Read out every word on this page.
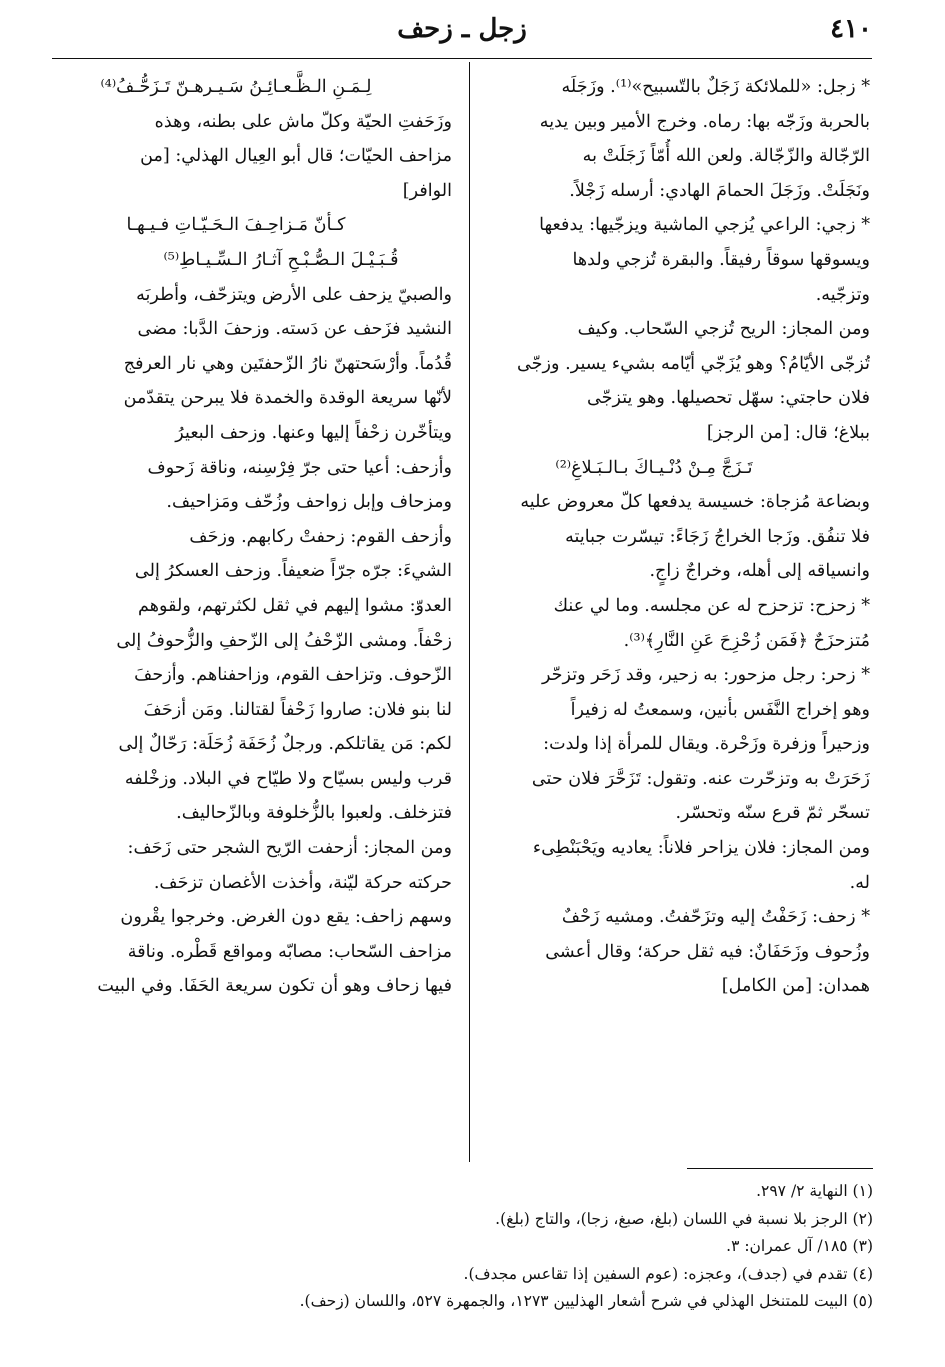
٤١٠
زجل ـ زحف
* زجل: «للملائكة زَجَلٌ بالتّسبيح»⁽¹⁾. وزَجَلَه
بالحربة وزَجّه بها: رماه. وخرج الأمير وبين يديه
الرّجّالة والزّجّالة. ولعن الله أُمّاً زَجَلَتْ به
ونَجَلَتْ. وزَجَلَ الحمامَ الهادي: أرسله زَجْلاً.
* زجي: الراعي يُزجي الماشية ويزجّيها: يدفعها
ويسوقها سوقاً رفيقاً. والبقرة تُزجي ولدها
وتزجّيه.
ومن المجاز: الريح تُزجي السّحاب. وكيف
تُزجّى الأيّامُ؟ وهو يُزَجّي أيّامه بشيء يسير. وزجّى
فلان حاجتي: سهّل تحصيلها. وهو يتزجّى
ببلاغ؛ قال: [من الرجز]
تَـزَجَّ مِـنْ دُنْـيـاكَ بـالـبَـلاغِ⁽²⁾
وبضاعة مُزجاة: خسيسة يدفعها كلّ معروض عليه
فلا تنفُق. وزَجا الخراجُ زَجَاءً: تيسّرت جبايته
وانسياقه إلى أهله، وخراجٌ زاجٍ.
* زحزح: تزحزح له عن مجلسه. وما لي عنك
مُتزحزَحٌ ﴿فَمَن زُحْزِحَ عَنِ النَّارِ﴾⁽³⁾.
* زحر: رجل مزحور: به زحير، وقد زَحَر وتزحّر
وهو إخراج النَّفَس بأنين، وسمعتُ له زفيراً
وزحيراً وزفرة وزَحْرة. ويقال للمرأة إذا ولدت:
زَحَرَتْ به وتزحّرت عنه. وتقول: تَزَحَّرَ فلان حتى
تسحّر ثمّ قرع سنّه وتحسّر.
ومن المجاز: فلان يزاحر فلاناً: يعاديه ويَحْبَنْطِىء
له.
* زحف: زَحَفْتُ إليه وتزَحّفتُ. ومشيه زَحْفٌ
وزُحوف وزَحَفَانٌ: فيه ثقل حركة؛ وقال أعشى
همدان: [من الكامل]
لِـمَـنِ الـظَّـعـائِـنُ سَـيـرهـنّ تَـزَحُّـفُ⁽⁴⁾
وزَحَفتِ الحيّة وكلّ ماش على بطنه، وهذه
مزاحف الحيّات؛ قال أبو العِيال الهذلي: [من
الوافر]
كـأنّ مَـزاحِـفَ الـحَـيّـاتِ فـيـهـا
قُـبَـيْـلَ الـصُّـبْـحِ آثـارُ الـسِّـيـاطِ⁽⁵⁾
والصبيّ يزحف على الأرض ويتزحّف، وأطربَه
النشيد فزَحف عن دَسته. وزحفَ الدَّبا: مضى
قُدُماً. وأرْسَحتهنّ نارُ الزّحفتَين وهي نار العرفج
لأنّها سريعة الوقدة والخمدة فلا يبرحن يتقدّمن
ويتأخّرن زحْفاً إليها وعنها. وزحف البعيرُ
وأزحف: أعيا حتى جرّ فِرْسِنه، وناقة زَحوف
ومزحاف وإبل زواحف وزُحّف ومَزاحيف.
وأزحف القوم: زحفتْ ركابهم. وزحَف
الشيءَ: جرّه جرّاً ضعيفاً. وزحف العسكرُ إلى
العدوّ: مشوا إليهم في ثقل لكثرتهم، ولقوهم
زحْفاً. ومشى الزّحْفُ إلى الزّحفِ والزُّحوفُ إلى
الزّحوف. وتزاحف القوم، وزاحفناهم. وأزحفَ
لنا بنو فلان: صاروا زَحْفاً لقتالنا. ومَن أزحَفَ
لكم: مَن يقاتلكم. ورجلٌ زُحَفَة زُحَلَة: رَحّالٌ إلى
قرب وليس بسيّاح ولا طيّاح في البلاد. وزخْلفه
فتزخلف. ولعبوا بالزُّخلوفة وبالزّحاليف.
ومن المجاز: أزحفت الرّيح الشجر حتى زَحَف:
حركته حركة ليّنة، وأخذت الأغصان تزحَف.
وسهم زاحف: يقع دون الغرض. وخرجوا يقْرون
مزاحف السّحاب: مصابّه ومواقع قَطْره. وناقة
فيها زحاف وهو أن تكون سريعة الحَفَا. وفي البيت
(١) النهاية ٢/ ٢٩٧.
(٢) الرجز بلا نسبة في اللسان (بلغ، صبغ، زجا)، والتاج (بلغ).
(٣) ١٨٥/ آل عمران: ٣.
(٤) تقدم في (جدف)، وعجزه: (عوم السفين إذا تقاعس مجدف).
(٥) البيت للمتنخل الهذلي في شرح أشعار الهذليين ١٢٧٣، والجمهرة ٥٢٧، واللسان (زحف).
